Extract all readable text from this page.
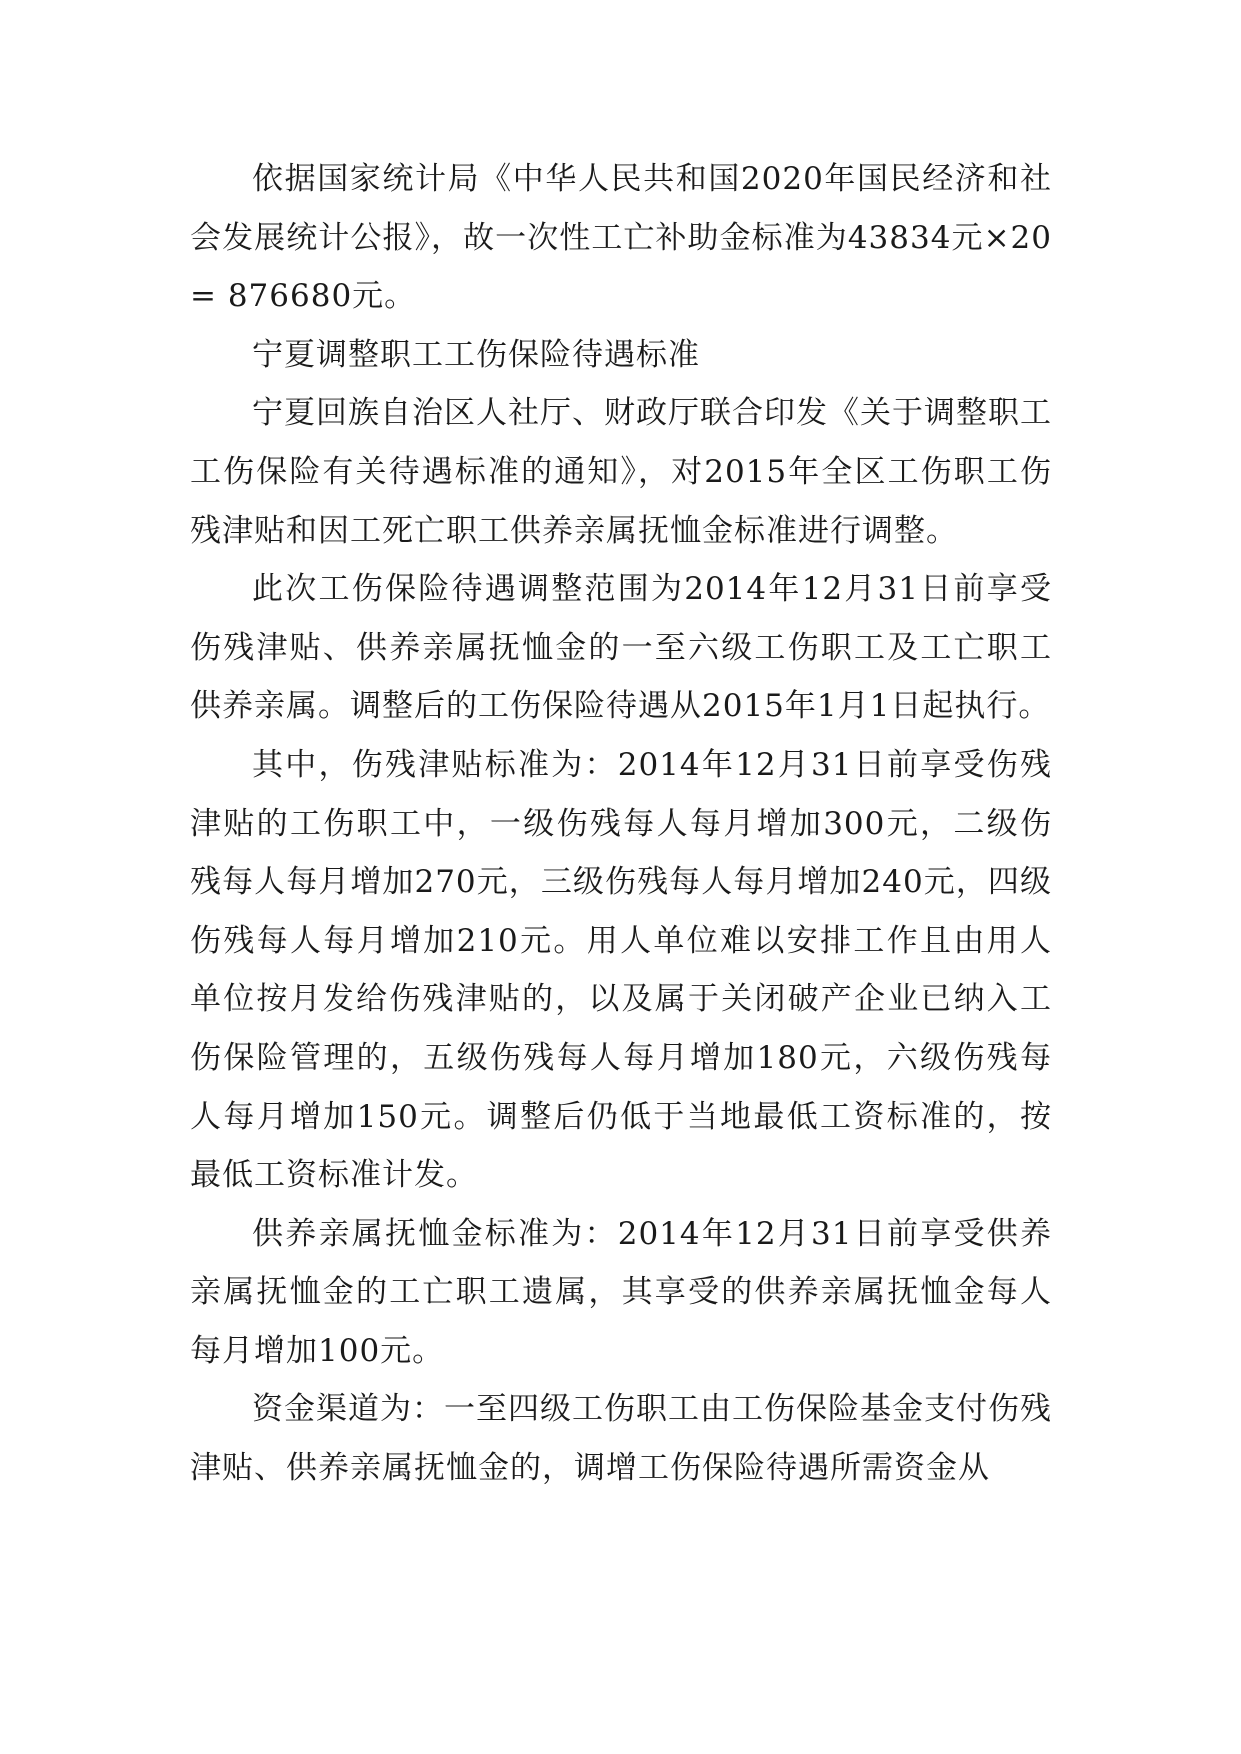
依据国家统计局《中华人民共和国2020年国民经济和社会发展统计公报》，故一次性工亡补助金标准为43834元×20= 876680元。

宁夏调整职工工伤保险待遇标准

宁夏回族自治区人社厅、财政厅联合印发《关于调整职工工伤保险有关待遇标准的通知》，对2015年全区工伤职工伤残津贴和因工死亡职工供养亲属抚恤金标准进行调整。

此次工伤保险待遇调整范围为2014年12月31日前享受伤残津贴、供养亲属抚恤金的一至六级工伤职工及工亡职工供养亲属。调整后的工伤保险待遇从2015年1月1日起执行。

其中，伤残津贴标准为：2014年12月31日前享受伤残津贴的工伤职工中，一级伤残每人每月增加300元，二级伤残每人每月增加270元，三级伤残每人每月增加240元，四级伤残每人每月增加210元。用人单位难以安排工作且由用人单位按月发给伤残津贴的，以及属于关闭破产企业已纳入工伤保险管理的，五级伤残每人每月增加180元，六级伤残每人每月增加150元。调整后仍低于当地最低工资标准的，按最低工资标准计发。

供养亲属抚恤金标准为：2014年12月31日前享受供养亲属抚恤金的工亡职工遗属，其享受的供养亲属抚恤金每人每月增加100元。

资金渠道为：一至四级工伤职工由工伤保险基金支付伤残津贴、供养亲属抚恤金的，调增工伤保险待遇所需资金从
